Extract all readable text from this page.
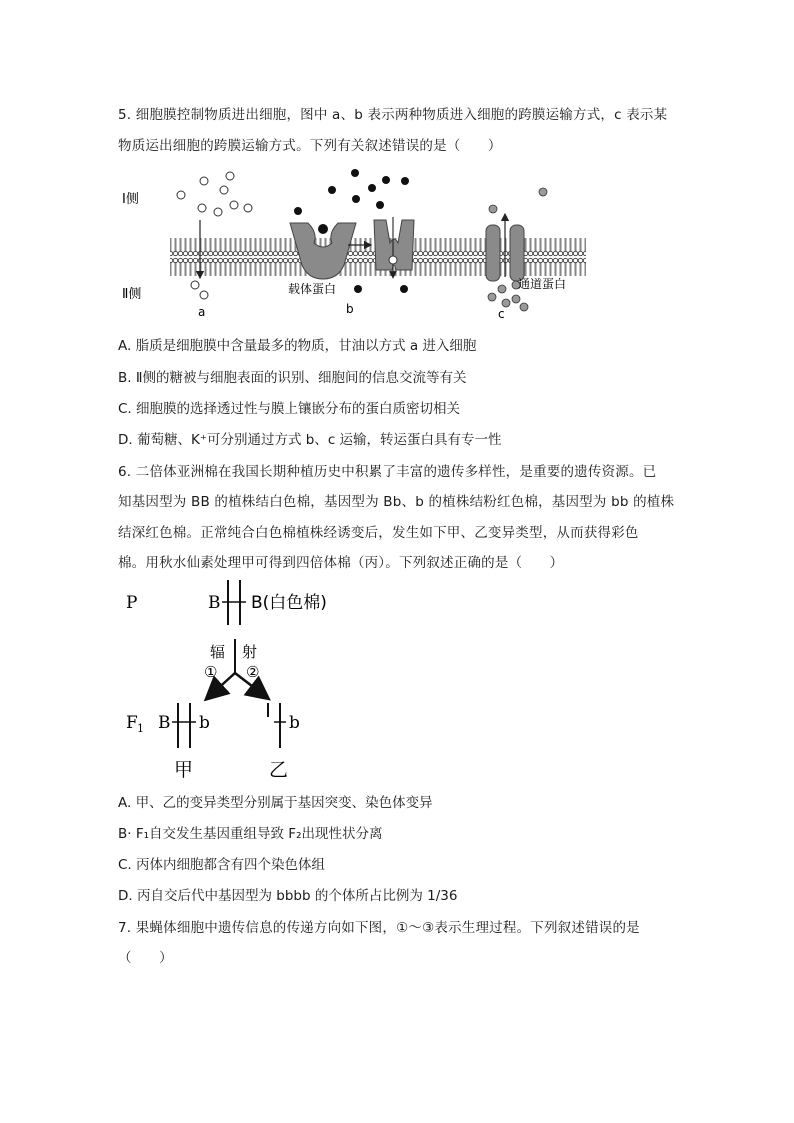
5. 细胞膜控制物质进出细胞，图中 a、b 表示两种物质进入细胞的跨膜运输方式，c 表示某
物质运出细胞的跨膜运输方式。下列有关叙述错误的是（　　）
Ⅰ侧
Ⅱ侧
a
载体蛋白
b
通道蛋白
c
A. 脂质是细胞膜中含量最多的物质，甘油以方式 a 进入细胞
B. Ⅱ侧的糖被与细胞表面的识别、细胞间的信息交流等有关
C. 细胞膜的选择透过性与膜上镶嵌分布的蛋白质密切相关
D. 葡萄糖、K⁺可分别通过方式 b、c 运输，转运蛋白具有专一性
6. 二倍体亚洲棉在我国长期种植历史中积累了丰富的遗传多样性，是重要的遗传资源。已
知基因型为 BB 的植株结白色棉，基因型为 Bb、b 的植株结粉红色棉，基因型为 bb 的植株
结深红色棉。正常纯合白色棉植株经诱变后，发生如下甲、乙变异类型，从而获得彩色
棉。用秋水仙素处理甲可得到四倍体棉（丙）。下列叙述正确的是（　　）
P	B B(白色棉)
辐 射
① ②
F 1 B b	b
甲	乙
A. 甲、乙的变异类型分别属于基因突变、染色体变异
B· F₁自交发生基因重组导致 F₂出现性状分离
C. 丙体内细胞都含有四个染色体组
D. 丙自交后代中基因型为 bbbb 的个体所占比例为 1/36
7. 果蝇体细胞中遗传信息的传递方向如下图，①～③表示生理过程。下列叙述错误的是
（　　）
